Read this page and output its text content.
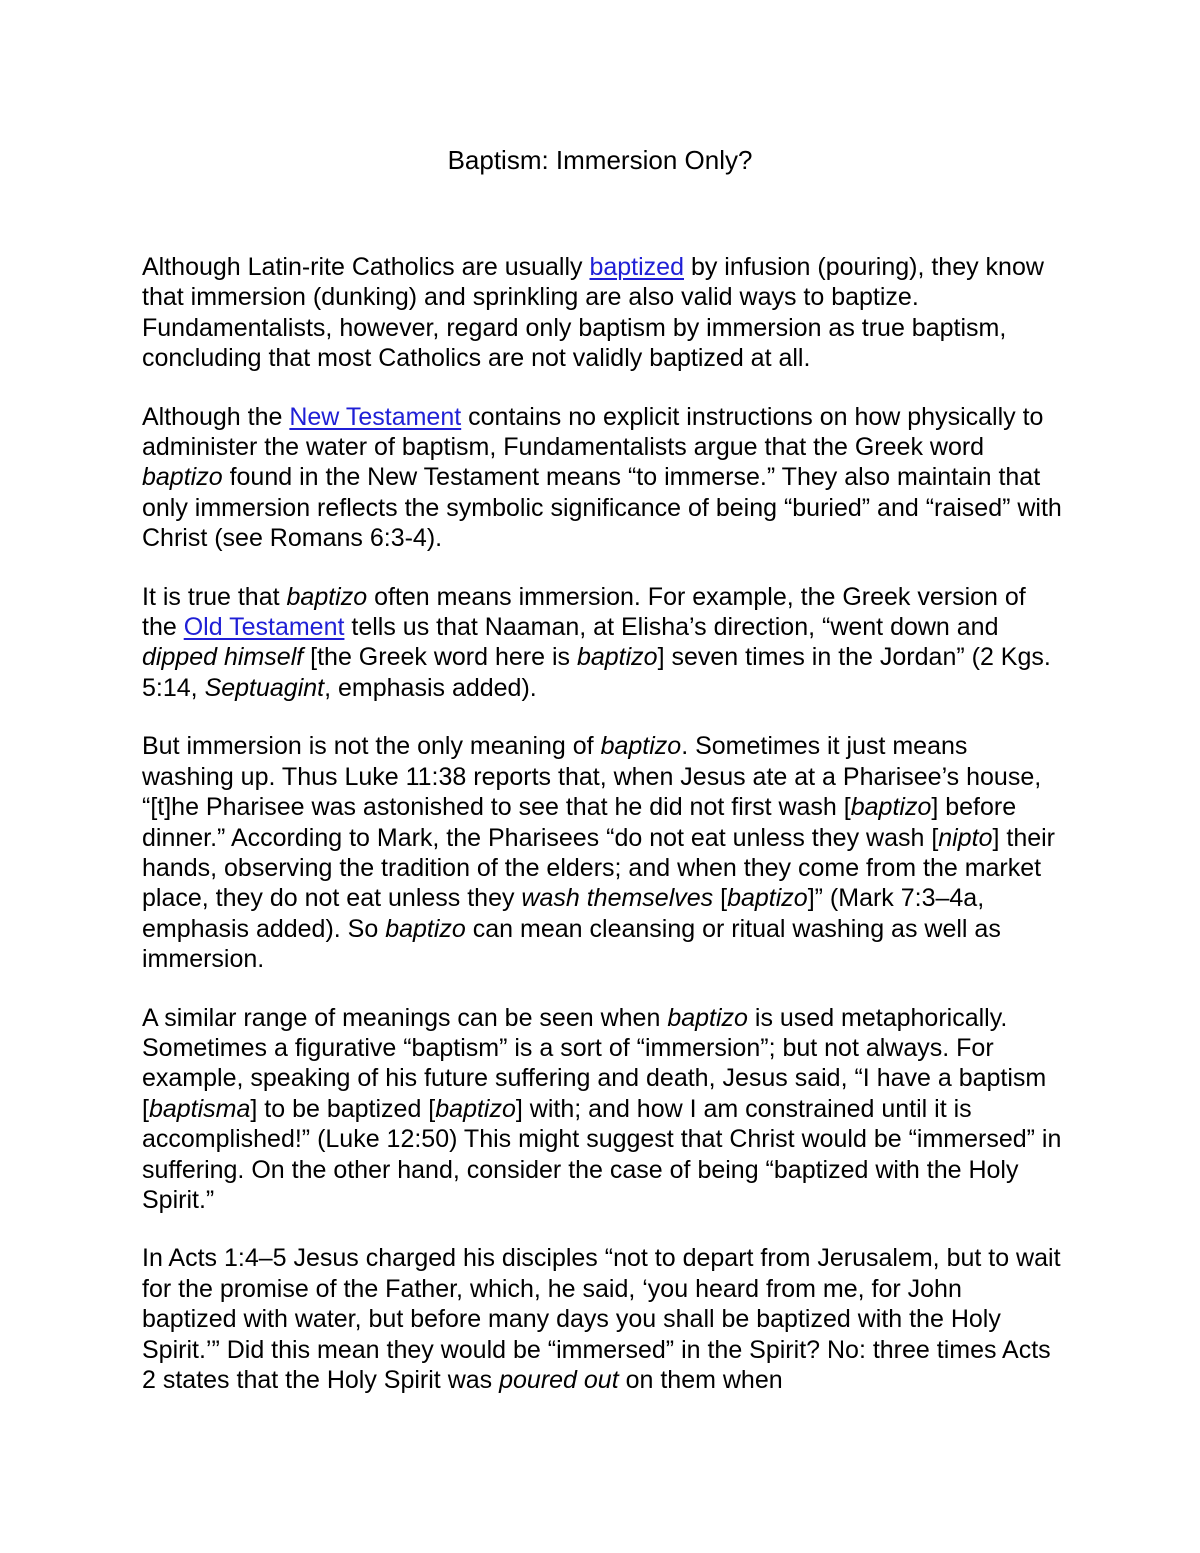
Baptism: Immersion Only?

Although Latin-rite Catholics are usually baptized by infusion (pouring), they know that immersion (dunking) and sprinkling are also valid ways to baptize. Fundamentalists, however, regard only baptism by immersion as true baptism, concluding that most Catholics are not validly baptized at all.

Although the New Testament contains no explicit instructions on how physically to administer the water of baptism, Fundamentalists argue that the Greek word baptizo found in the New Testament means “to immerse.” They also maintain that only immersion reflects the symbolic significance of being “buried” and “raised” with Christ (see Romans 6:3-4).

It is true that baptizo often means immersion. For example, the Greek version of the Old Testament tells us that Naaman, at Elisha’s direction, “went down and dipped himself [the Greek word here is baptizo] seven times in the Jordan” (2 Kgs. 5:14, Septuagint, emphasis added).

But immersion is not the only meaning of baptizo. Sometimes it just means washing up. Thus Luke 11:38 reports that, when Jesus ate at a Pharisee’s house, “[t]he Pharisee was astonished to see that he did not first wash [baptizo] before dinner.” According to Mark, the Pharisees “do not eat unless they wash [nipto] their hands, observing the tradition of the elders; and when they come from the market place, they do not eat unless they wash themselves [baptizo]” (Mark 7:3–4a, emphasis added). So baptizo can mean cleansing or ritual washing as well as immersion.

A similar range of meanings can be seen when baptizo is used metaphorically. Sometimes a figurative “baptism” is a sort of “immersion”; but not always. For example, speaking of his future suffering and death, Jesus said, “I have a baptism [baptisma] to be baptized [baptizo] with; and how I am constrained until it is accomplished!” (Luke 12:50) This might suggest that Christ would be “immersed” in suffering. On the other hand, consider the case of being “baptized with the Holy Spirit.”

In Acts 1:4–5 Jesus charged his disciples “not to depart from Jerusalem, but to wait for the promise of the Father, which, he said, ‘you heard from me, for John baptized with water, but before many days you shall be baptized with the Holy Spirit.’” Did this mean they would be “immersed” in the Spirit? No: three times Acts 2 states that the Holy Spirit was poured out on them when
